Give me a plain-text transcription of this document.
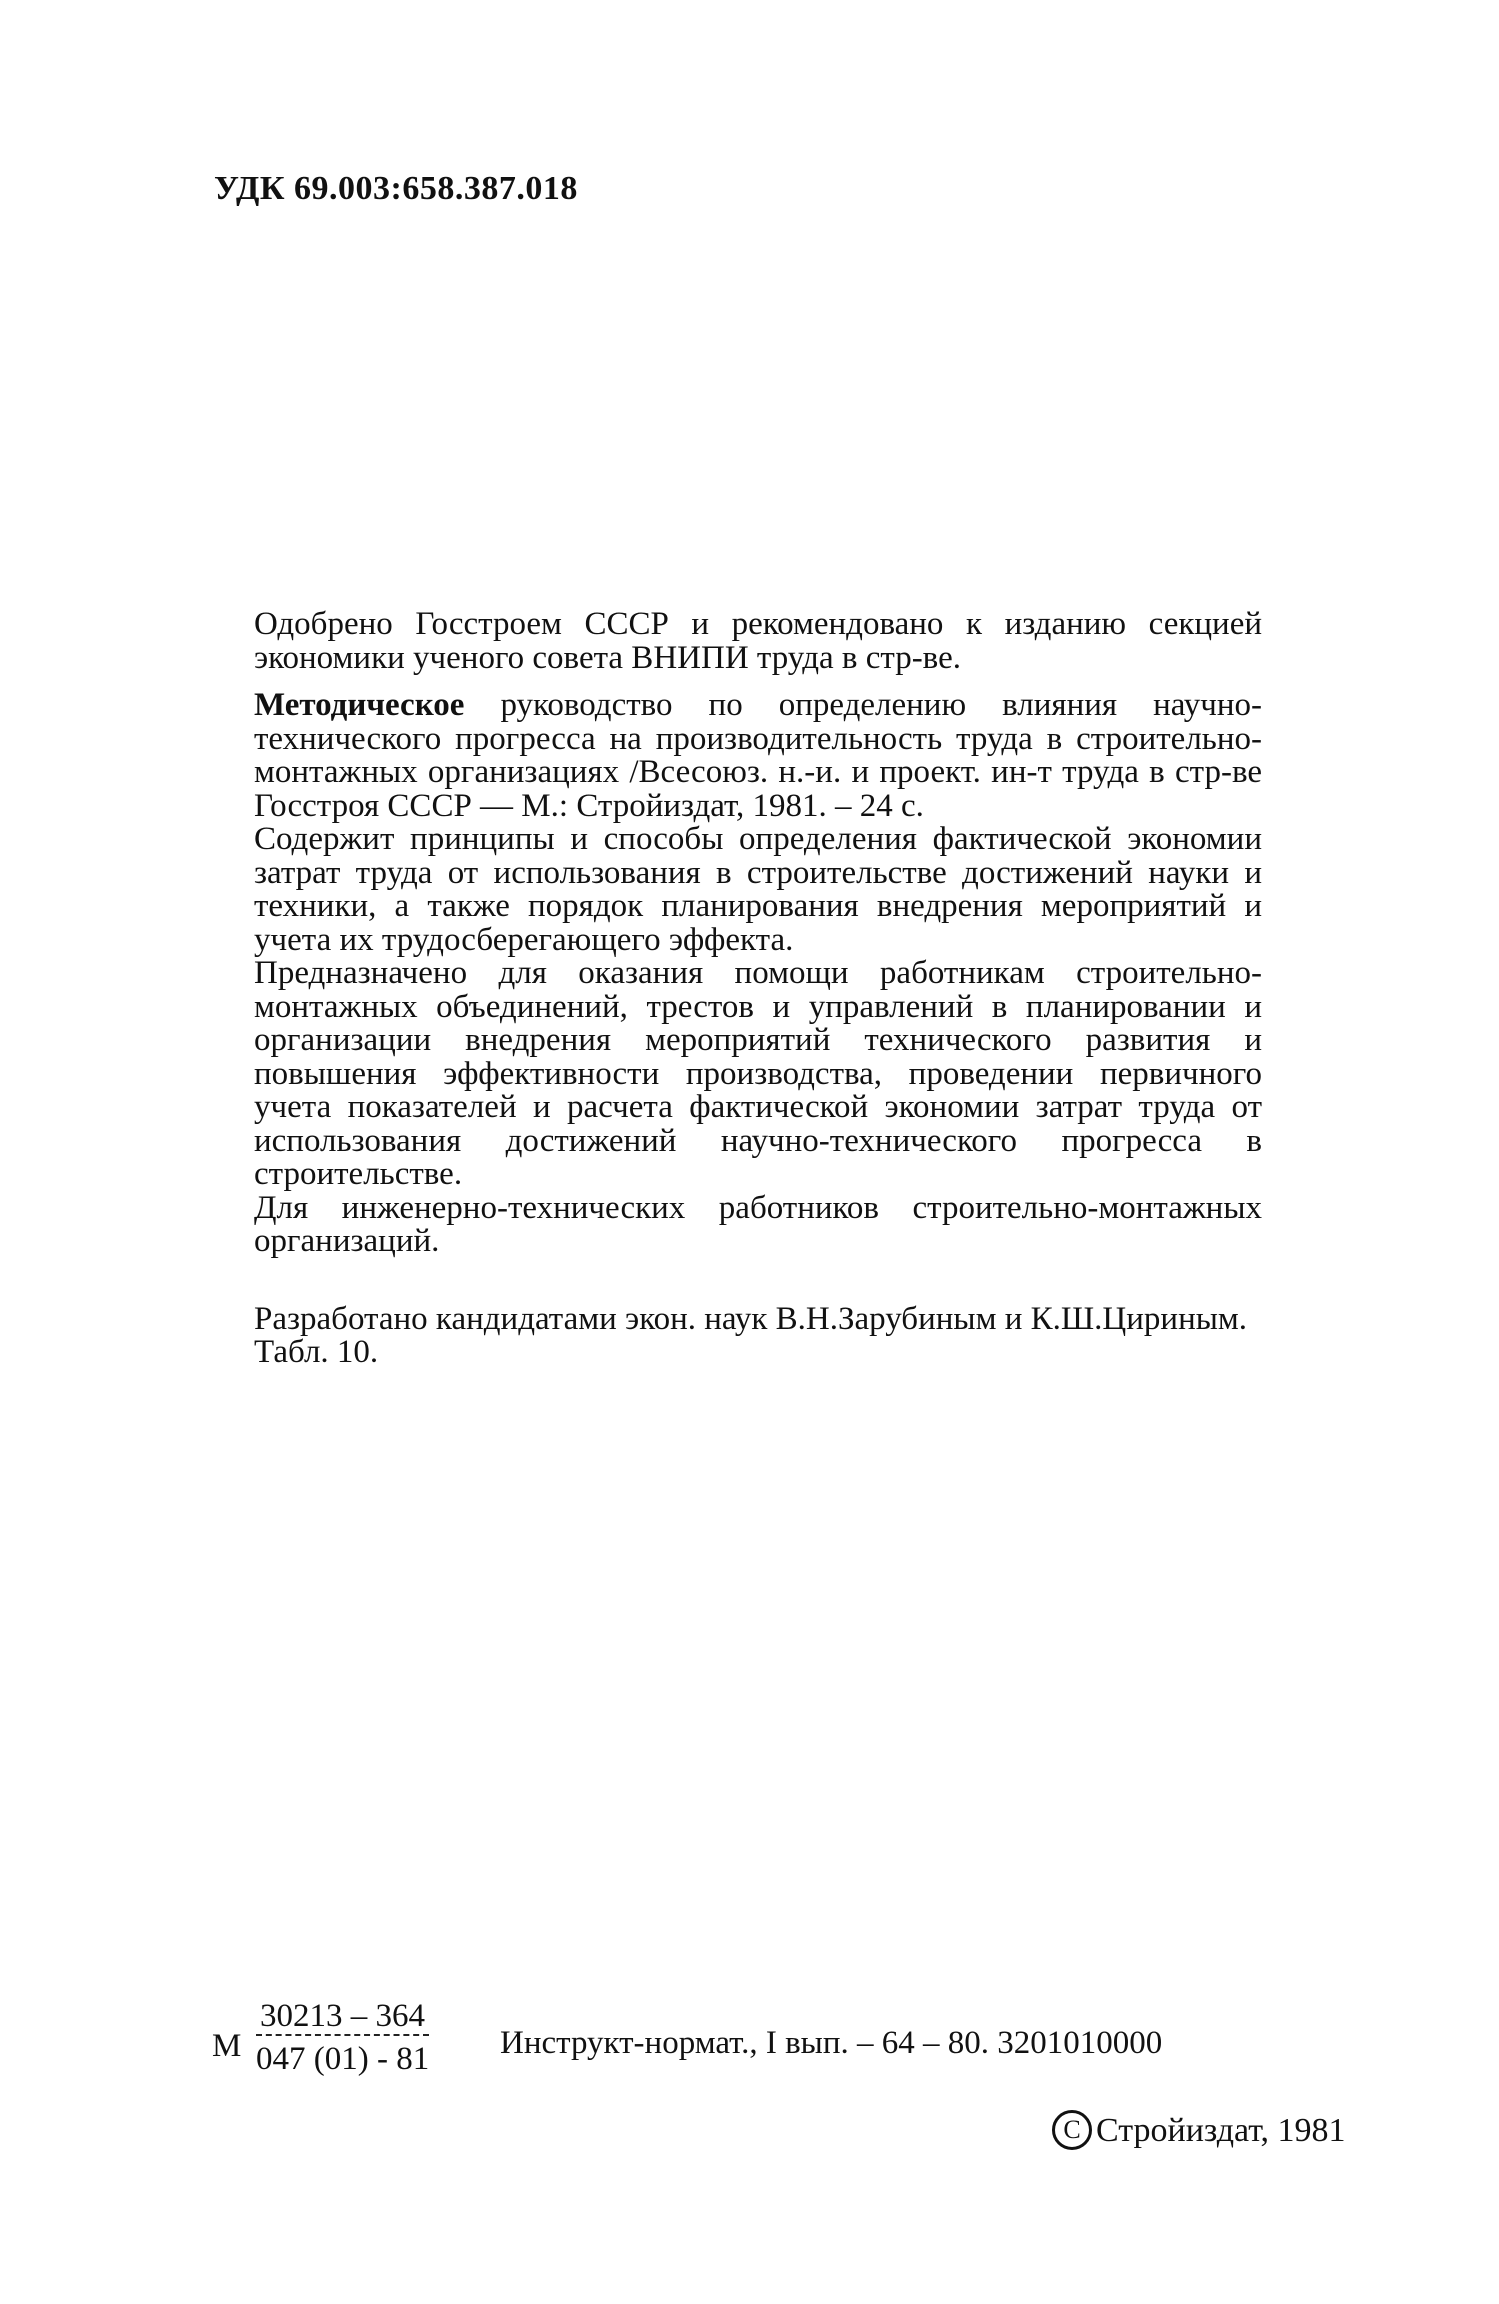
УДК 69.003:658.387.018

Одобрено Госстроем СССР и рекомендовано к изданию секцией экономики ученого совета ВНИПИ труда в стр-ве.

Методическое руководство по определению влияния научно-технического прогресса на производительность труда в строительно-монтажных организациях /Всесоюз. н.-и. и проект. ин-т труда в стр-ве Госстроя СССР — М.: Стройиздат, 1981. – 24 с.

Содержит принципы и способы определения фактической экономии затрат труда от использования в строительстве достижений науки и техники, а также порядок планирования внедрения мероприятий и учета их трудосберегающего эффекта.

Предназначено для оказания помощи работникам строительно-монтажных объединений, трестов и управлений в планировании и организации внедрения мероприятий технического развития и повышения эффективности производства, проведении первичного учета показателей и расчета фактической экономии затрат труда от использования достижений научно-технического прогресса в строительстве.

Для инженерно-технических работников строительно-монтажных организаций.

Разработано кандидатами экон. наук В.Н.Зарубиным и К.Ш.Цириным.

Табл. 10.

М
30213 – 364
047 (01) - 81 Инструкт-нормат., I вып. – 64 – 80. 3201010000
C Стройиздат, 1981
